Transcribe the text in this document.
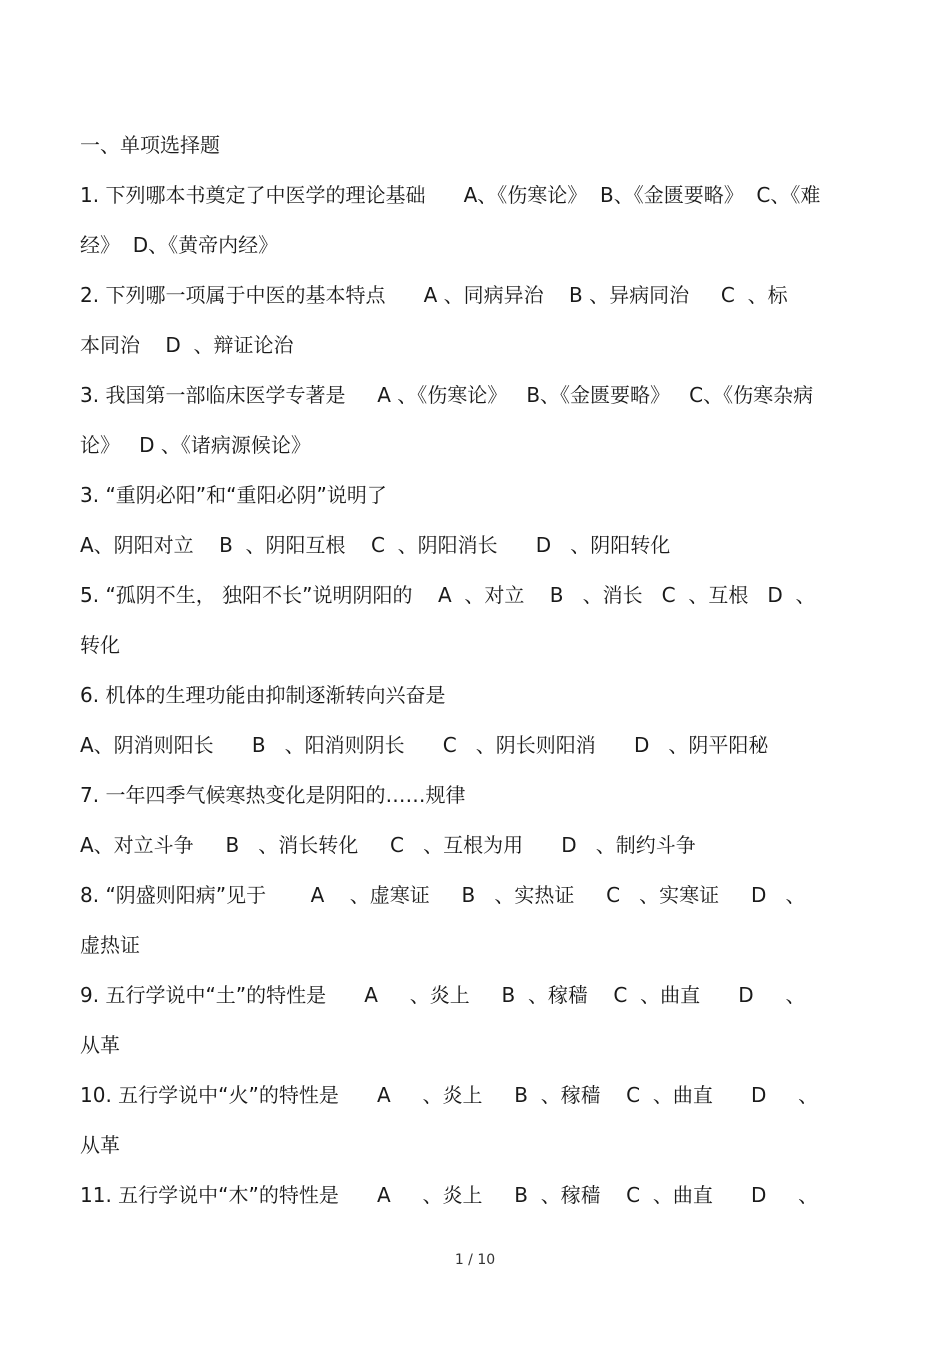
一、单项选择题
1. 下列哪本书奠定了中医学的理论基础      A、《伤寒论》  B、《金匮要略》  C、《难
经》  D、《黄帝内经》
2. 下列哪一项属于中医的基本特点      A 、同病异治    B 、异病同治     C  、标
本同治    D  、辩证论治
3. 我国第一部临床医学专著是     A 、《伤寒论》   B、《金匮要略》   C、《伤寒杂病
论》   D 、《诸病源候论》
3. “重阴必阳”和“重阳必阴”说明了
A、阴阳对立    B  、阴阳互根    C  、阴阳消长      D   、阴阳转化
5. “孤阴不生， 独阳不长”说明阴阳的    A  、对立    B   、消长   C  、互根   D  、
转化
6. 机体的生理功能由抑制逐渐转向兴奋是
A、阴消则阳长      B   、阳消则阴长      C   、阴长则阳消      D   、阴平阳秘
7. 一年四季气候寒热变化是阴阳的……规律
A、对立斗争     B   、消长转化     C   、互根为用      D   、制约斗争
8. “阴盛则阳病”见于       A    、虚寒证     B   、实热证     C   、实寒证     D   、
虚热证
9. 五行学说中“土”的特性是      A     、炎上     B  、稼穑    C  、曲直      D     、
从革
10. 五行学说中“火”的特性是      A     、炎上     B  、稼穑    C  、曲直      D     、
从革
11. 五行学说中“木”的特性是      A     、炎上     B  、稼穑    C  、曲直      D     、
1 / 10
